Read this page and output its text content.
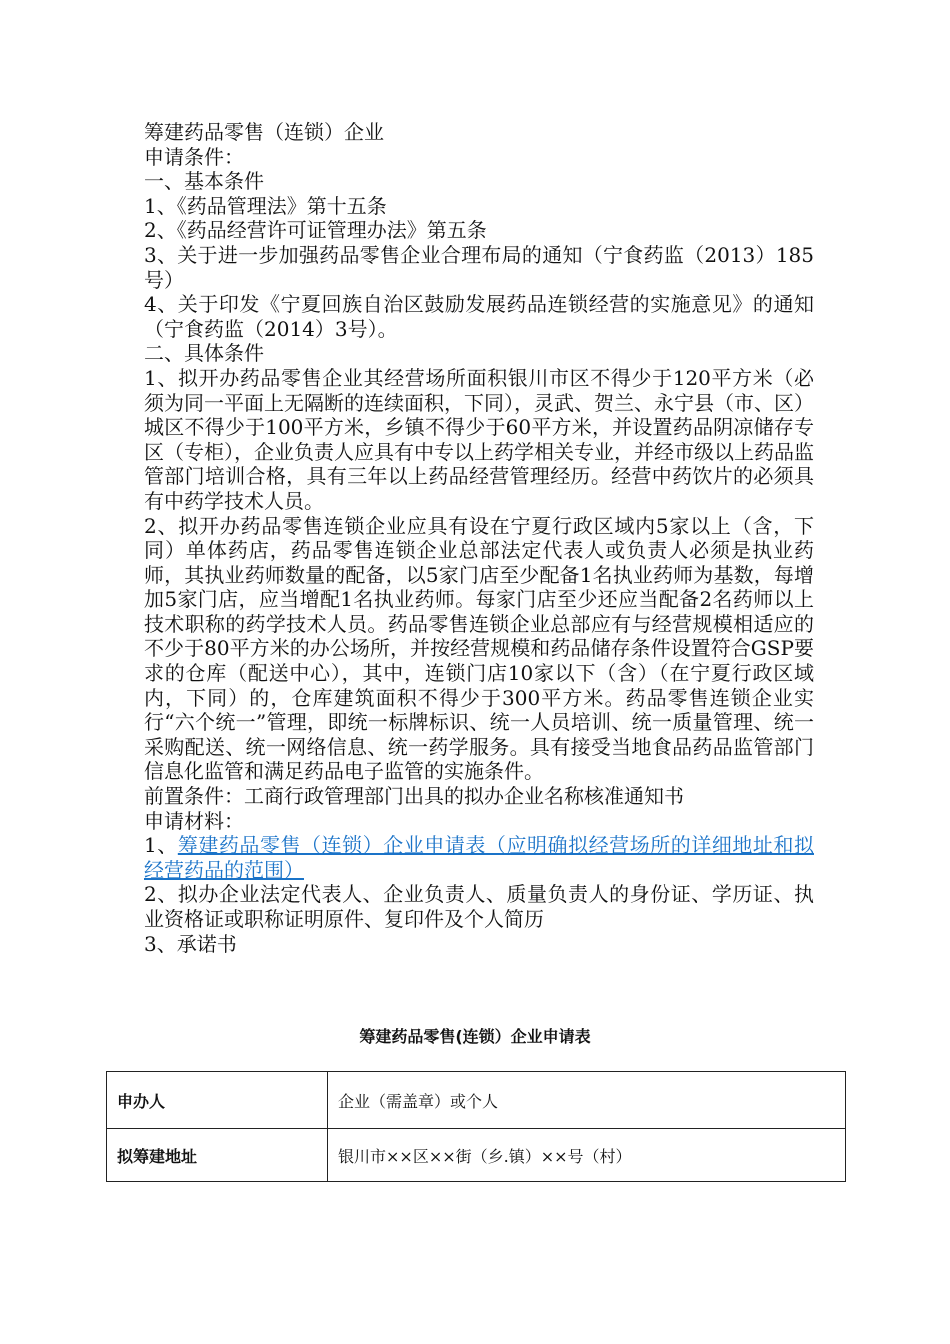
筹建药品零售（连锁）企业

申请条件：

一、基本条件

1、《药品管理法》第十五条

2、《药品经营许可证管理办法》第五条

3、关于进一步加强药品零售企业合理布局的通知（宁食药监（2013）185号）

4、关于印发《宁夏回族自治区鼓励发展药品连锁经营的实施意见》的通知（宁食药监（2014）3号）。

二、具体条件

1、拟开办药品零售企业其经营场所面积银川市区不得少于120平方米（必须为同一平面上无隔断的连续面积，下同），灵武、贺兰、永宁县（市、区）城区不得少于100平方米，乡镇不得少于60平方米，并设置药品阴凉储存专区（专柜），企业负责人应具有中专以上药学相关专业，并经市级以上药品监管部门培训合格，具有三年以上药品经营管理经历。经营中药饮片的必须具有中药学技术人员。

2、拟开办药品零售连锁企业应具有设在宁夏行政区域内5家以上（含，下同）单体药店，药品零售连锁企业总部法定代表人或负责人必须是执业药师，其执业药师数量的配备，以5家门店至少配备1名执业药师为基数，每增加5家门店，应当增配1名执业药师。每家门店至少还应当配备2名药师以上技术职称的药学技术人员。药品零售连锁企业总部应有与经营规模相适应的不少于80平方米的办公场所，并按经营规模和药品储存条件设置符合GSP要求的仓库（配送中心），其中，连锁门店10家以下（含）（在宁夏行政区域内，下同）的，仓库建筑面积不得少于300平方米。药品零售连锁企业实行“六个统一”管理，即统一标牌标识、统一人员培训、统一质量管理、统一采购配送、统一网络信息、统一药学服务。具有接受当地食品药品监管部门信息化监管和满足药品电子监管的实施条件。

前置条件：工商行政管理部门出具的拟办企业名称核准通知书

申请材料：

1、筹建药品零售（连锁）企业申请表（应明确拟经营场所的详细地址和拟经营药品的范围）

2、拟办企业法定代表人、企业负责人、质量负责人的身份证、学历证、执业资格证或职称证明原件、复印件及个人简历

3、承诺书

筹建药品零售(连锁）企业申请表
申办人	企业（需盖章）或个人
拟筹建地址	银川市××区××街（乡.镇）××号（村）
